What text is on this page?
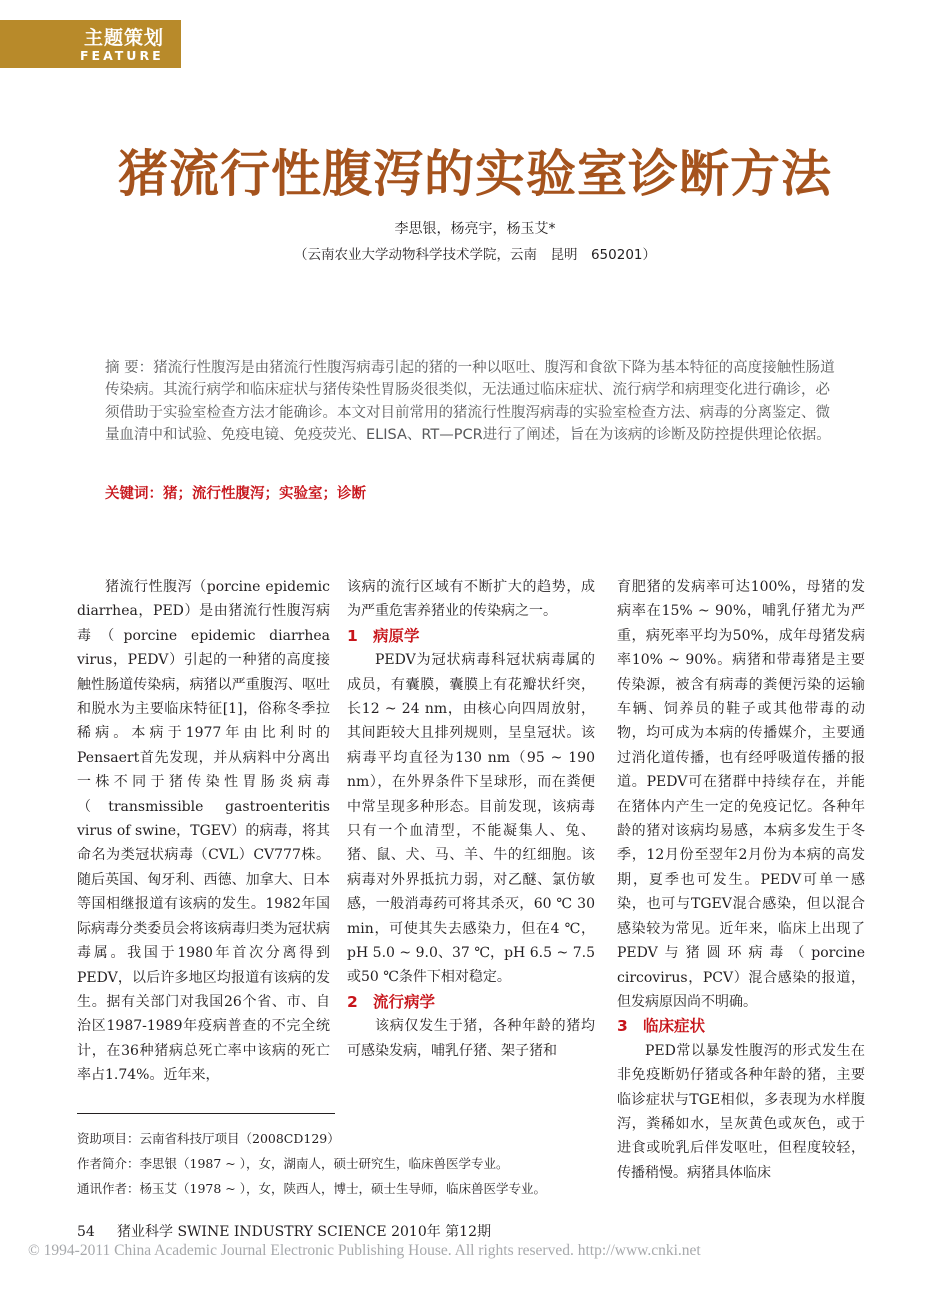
主题策划
FEATURE
猪流行性腹泻的实验室诊断方法
李思银，杨亮宇，杨玉艾*
（云南农业大学动物科学技术学院，云南　昆明　650201）

摘 要：猪流行性腹泻是由猪流行性腹泻病毒引起的猪的一种以呕吐、腹泻和食欲下降为基本特征的高度接触性肠道传染病。其流行病学和临床症状与猪传染性胃肠炎很类似，无法通过临床症状、流行病学和病理变化进行确诊，必须借助于实验室检查方法才能确诊。本文对目前常用的猪流行性腹泻病毒的实验室检查方法、病毒的分离鉴定、微量血清中和试验、免疫电镜、免疫荧光、ELISA、RT—PCR进行了阐述，旨在为该病的诊断及防控提供理论依据。

关键词：猪；流行性腹泻；实验室；诊断

猪流行性腹泻（porcine epidemic diarrhea，PED）是由猪流行性腹泻病毒（porcine epidemic diarrhea virus，PEDV）引起的一种猪的高度接触性肠道传染病，病猪以严重腹泻、呕吐和脱水为主要临床特征[1]，俗称冬季拉稀病。本病于1977年由比利时的Pensaert首先发现，并从病料中分离出一株不同于猪传染性胃肠炎病毒（transmissible gastroenteritis virus of swine，TGEV）的病毒，将其命名为类冠状病毒（CVL）CV777株。随后英国、匈牙利、西德、加拿大、日本等国相继报道有该病的发生。1982年国际病毒分类委员会将该病毒归类为冠状病毒属。我国于1980年首次分离得到PEDV，以后许多地区均报道有该病的发生。据有关部门对我国26个省、市、自治区1987-1989年疫病普查的不完全统计，在36种猪病总死亡率中该病的死亡率占1.74%。近年来，

该病的流行区域有不断扩大的趋势，成为严重危害养猪业的传染病之一。

1 病原学

PEDV为冠状病毒科冠状病毒属的成员，有囊膜，囊膜上有花瓣状纤突，长12 ~ 24 nm，由核心向四周放射，其间距较大且排列规则，呈皇冠状。该病毒平均直径为130 nm（95 ~ 190 nm），在外界条件下呈球形，而在粪便中常呈现多种形态。目前发现，该病毒只有一个血清型，不能凝集人、兔、猪、鼠、犬、马、羊、牛的红细胞。该病毒对外界抵抗力弱，对乙醚、氯仿敏感，一般消毒药可将其杀灭，60 ℃ 30 min，可使其失去感染力，但在4 ℃，pH 5.0 ~ 9.0、37 ℃，pH 6.5 ~ 7.5或50 ℃条件下相对稳定。

2 流行病学

该病仅发生于猪，各种年龄的猪均可感染发病，哺乳仔猪、架子猪和

育肥猪的发病率可达100%，母猪的发病率在15% ~ 90%，哺乳仔猪尤为严重，病死率平均为50%，成年母猪发病率10% ~ 90%。病猪和带毒猪是主要传染源，被含有病毒的粪便污染的运输车辆、饲养员的鞋子或其他带毒的动物，均可成为本病的传播媒介，主要通过消化道传播，也有经呼吸道传播的报道。PEDV可在猪群中持续存在，并能在猪体内产生一定的免疫记忆。各种年龄的猪对该病均易感，本病多发生于冬季，12月份至翌年2月份为本病的高发期，夏季也可发生。PEDV可单一感染，也可与TGEV混合感染，但以混合感染较为常见。近年来，临床上出现了PEDV与猪圆环病毒（porcine circovirus，PCV）混合感染的报道，但发病原因尚不明确。

3 临床症状

PED常以暴发性腹泻的形式发生在非免疫断奶仔猪或各种年龄的猪，主要临诊症状与TGE相似，多表现为水样腹泻，粪稀如水，呈灰黄色或灰色，或于进食或吮乳后伴发呕吐，但程度较轻，传播稍慢。病猪具体临床

资助项目：云南省科技厅项目（2008CD129）
作者简介：李思银（1987 ~ ），女，湖南人，硕士研究生，临床兽医学专业。
通讯作者：杨玉艾（1978 ~ ），女，陕西人，博士，硕士生导师，临床兽医学专业。
54 猪业科学 SWINE INDUSTRY SCIENCE 2010年 第12期
© 1994-2011 China Academic Journal Electronic Publishing House. All rights reserved. http://www.cnki.net
